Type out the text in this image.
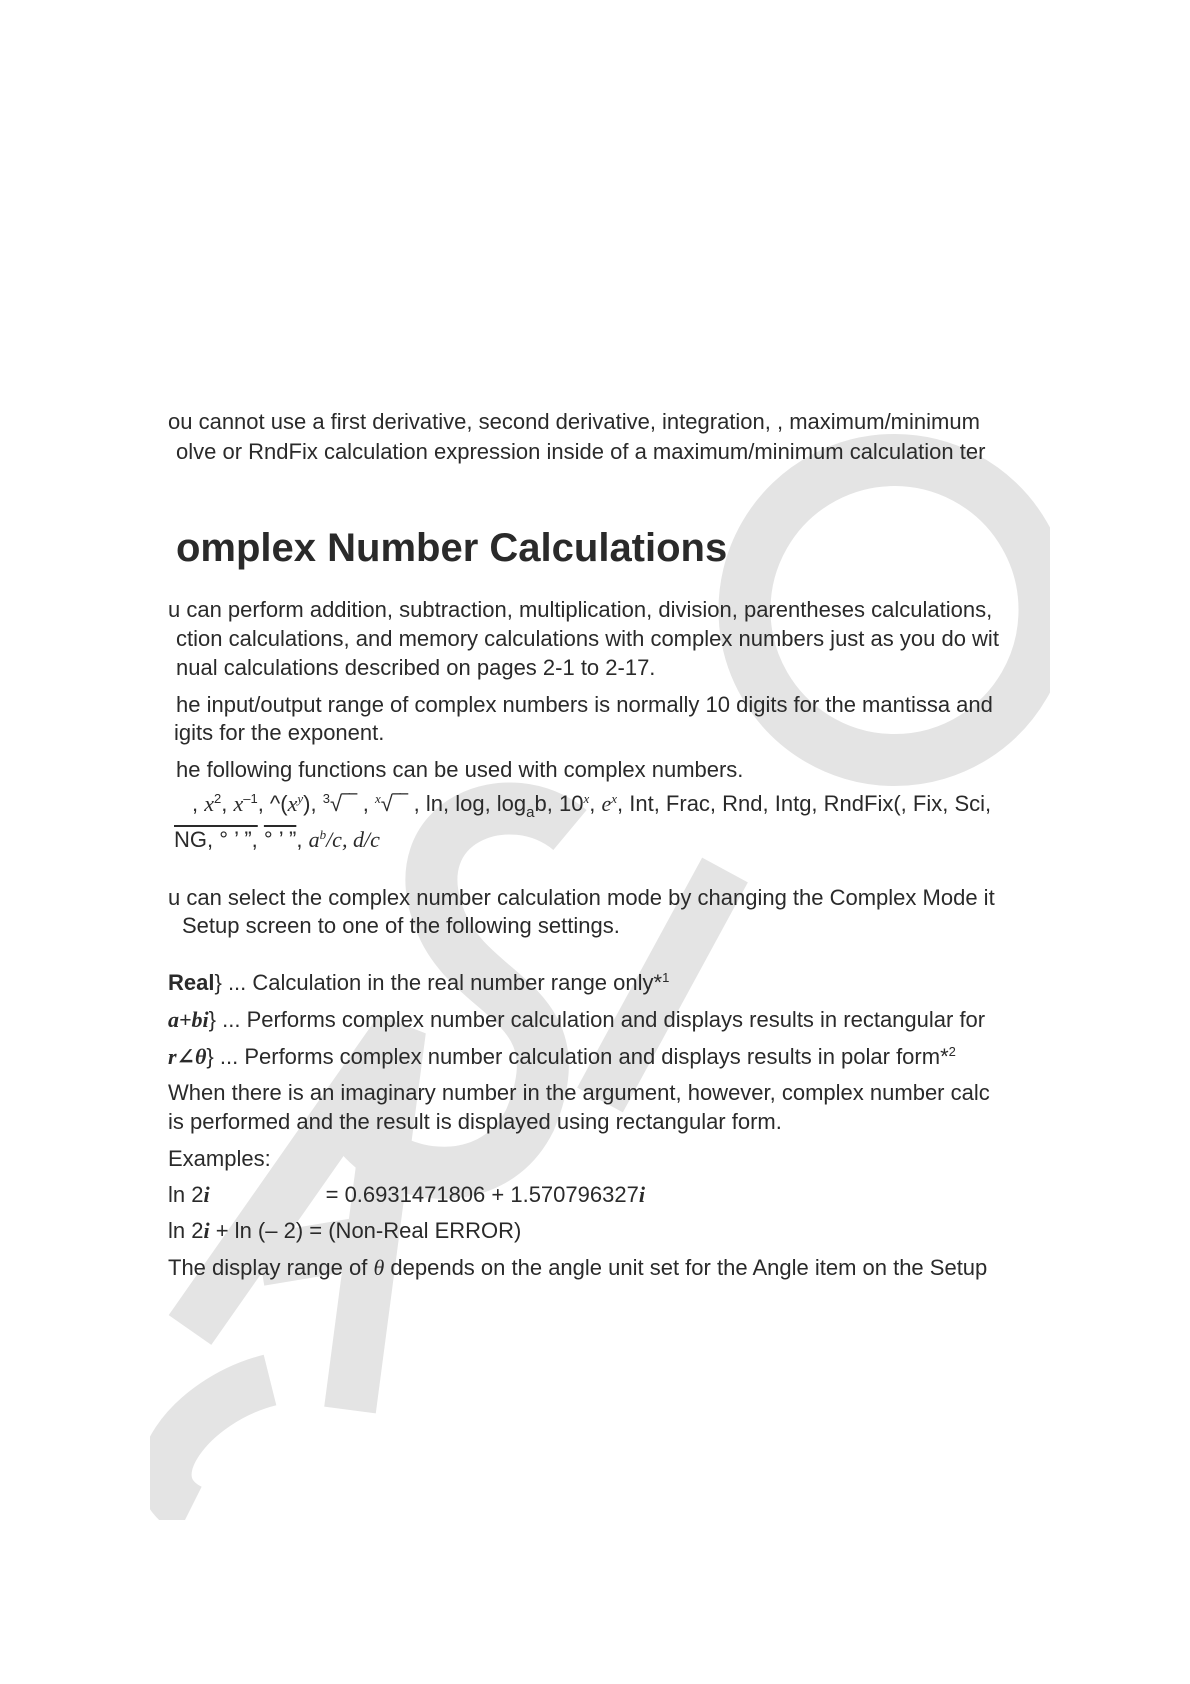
ou cannot use a first derivative, second derivative, integration, , maximum/minimum

olve or RndFix calculation expression inside of a maximum/minimum calculation ter

omplex Number Calculations

u can perform addition, subtraction, multiplication, division, parentheses calculations,

ction calculations, and memory calculations with complex numbers just as you do wit

nual calculations described on pages 2-1 to 2-17.

he input/output range of complex numbers is normally 10 digits for the mantissa and

igits for the exponent.

he following functions can be used with complex numbers.

, $x^2$, $x^{-1}$, $\^{}(x^y)$, $^3$√‾‾ , $^x$√‾‾ , ln, log, $\log_ab$, 10$^x$, $e^x$, Int, Frac, Rnd, Intg, RndFix(, Fix, Sci,

NG, ° ’ ”, ° ’ ”, $a^b/c$, d/c

u can select the complex number calculation mode by changing the Complex Mode it

Setup screen to one of the following settings.

Real} ... Calculation in the real number range only*$^1$

a+bi} ... Performs complex number calculation and displays results in rectangular for

r∠θ} ... Performs complex number calculation and displays results in polar form*$^2$

When there is an imaginary number in the argument, however, complex number calc

is performed and the result is displayed using rectangular form.

Examples:

ln 2i	= 0.6931471806 + 1.570796327i

ln 2i + ln (– 2) = (Non-Real ERROR)

The display range of θ depends on the angle unit set for the Angle item on the Setup
